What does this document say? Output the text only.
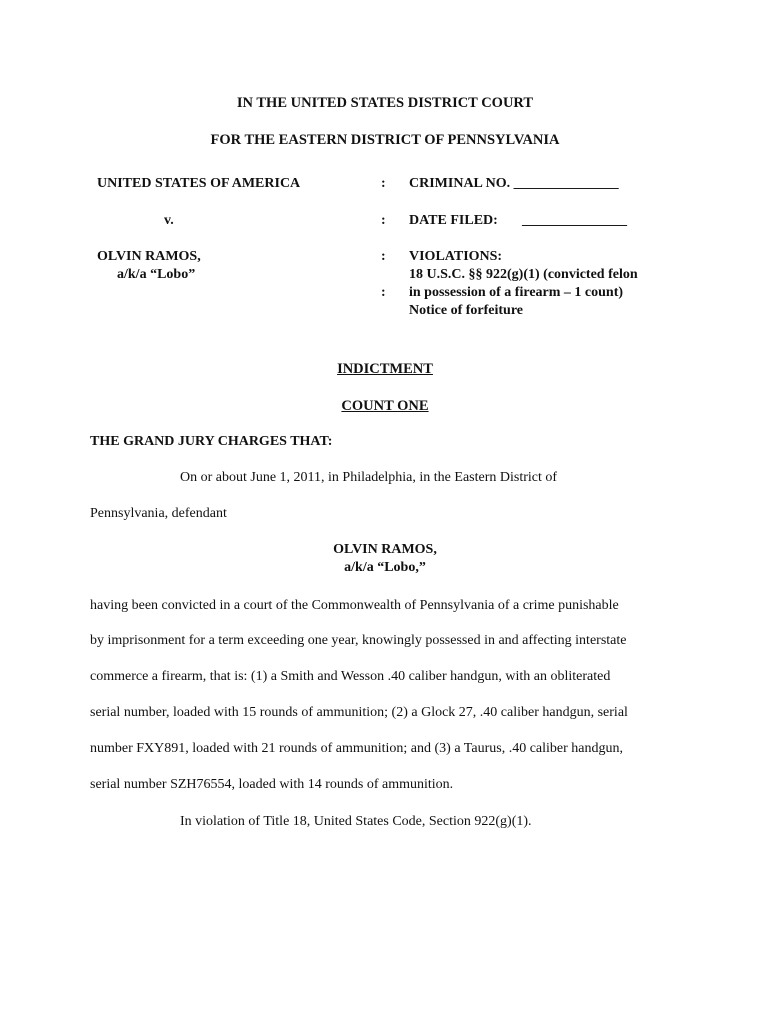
IN THE UNITED STATES DISTRICT COURT
FOR THE EASTERN DISTRICT OF PENNSYLVANIA
UNITED STATES OF AMERICA
v.
OLVIN RAMOS,
a/k/a “Lobo”
:
:
:
:
CRIMINAL NO. _______________
DATE FILED: _______________
VIOLATIONS:
18 U.S.C. §§ 922(g)(1) (convicted felon
in possession of a firearm – 1 count)
Notice of forfeiture
INDICTMENT
COUNT ONE
THE GRAND JURY CHARGES THAT:
On or about June 1, 2011, in Philadelphia, in the Eastern District of
Pennsylvania, defendant
OLVIN RAMOS,
a/k/a “Lobo,”
having been convicted in a court of the Commonwealth of Pennsylvania of a crime punishable
by imprisonment for a term exceeding one year, knowingly possessed in and affecting interstate
commerce a firearm, that is: (1) a Smith and Wesson .40 caliber handgun, with an obliterated
serial number, loaded with 15 rounds of ammunition; (2) a Glock 27, .40 caliber handgun, serial
number FXY891, loaded with 21 rounds of ammunition; and (3) a Taurus, .40 caliber handgun,
serial number SZH76554, loaded with 14 rounds of ammunition.
In violation of Title 18, United States Code, Section 922(g)(1).
